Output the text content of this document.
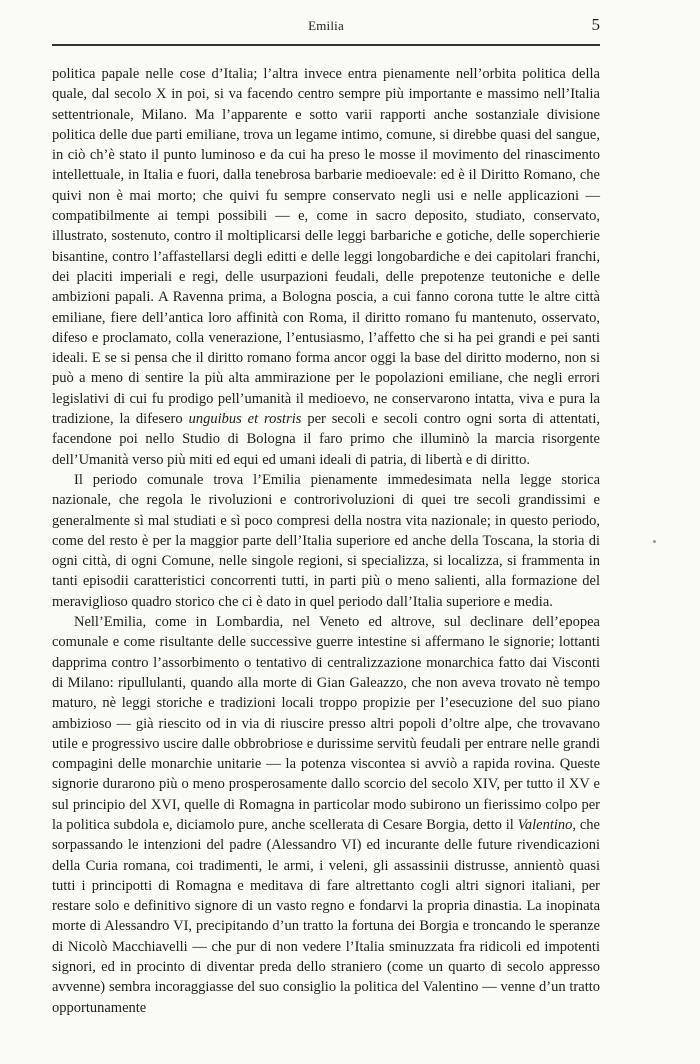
Emilia	5

politica papale nelle cose d’Italia; l’altra invece entra pienamente nell’orbita politica della quale, dal secolo X in poi, si va facendo centro sempre più importante e massimo nell’Italia settentrionale, Milano. Ma l’apparente e sotto varii rapporti anche sostanziale divisione politica delle due parti emiliane, trova un legame intimo, comune, si direbbe quasi del sangue, in ciò ch’è stato il punto luminoso e da cui ha preso le mosse il movimento del rinascimento intellettuale, in Italia e fuori, dalla tenebrosa barbarie medioevale: ed è il Diritto Romano, che quivi non è mai morto; che quivi fu sempre conservato negli usi e nelle applicazioni — compatibilmente ai tempi possibili — e, come in sacro deposito, studiato, conservato, illustrato, sostenuto, contro il moltiplicarsi delle leggi barbariche e gotiche, delle soperchierie bisantine, contro l’affastellarsi degli editti e delle leggi longobardiche e dei capitolari franchi, dei placiti imperiali e regi, delle usurpazioni feudali, delle prepotenze teutoniche e delle ambizioni papali. A Ravenna prima, a Bologna poscia, a cui fanno corona tutte le altre città emiliane, fiere dell’antica loro affinità con Roma, il diritto romano fu mantenuto, osservato, difeso e proclamato, colla venerazione, l’entusiasmo, l’affetto che si ha pei grandi e pei santi ideali. E se si pensa che il diritto romano forma ancor oggi la base del diritto moderno, non si può a meno di sentire la più alta ammirazione per le popolazioni emiliane, che negli errori legislativi di cui fu prodigo pell’umanità il medioevo, ne conservarono intatta, viva e pura la tradizione, la difesero unguibus et rostris per secoli e secoli contro ogni sorta di attentati, facendone poi nello Studio di Bologna il faro primo che illuminò la marcia risorgente dell’Umanità verso più miti ed equi ed umani ideali di patria, di libertà e di diritto.

Il periodo comunale trova l’Emilia pienamente immedesimata nella legge storica nazionale, che regola le rivoluzioni e controrivoluzioni di quei tre secoli grandissimi e generalmente sì mal studiati e sì poco compresi della nostra vita nazionale; in questo periodo, come del resto è per la maggior parte dell’Italia superiore ed anche della Toscana, la storia di ogni città, di ogni Comune, nelle singole regioni, si specializza, si localizza, si frammenta in tanti episodii caratteristici concorrenti tutti, in parti più o meno salienti, alla formazione del meraviglioso quadro storico che ci è dato in quel periodo dall’Italia superiore e media.

Nell’Emilia, come in Lombardia, nel Veneto ed altrove, sul declinare dell’epopea comunale e come risultante delle successive guerre intestine si affermano le signorie; lottanti dapprima contro l’assorbimento o tentativo di centralizzazione monarchica fatto dai Visconti di Milano: ripullulanti, quando alla morte di Gian Galeazzo, che non aveva trovato nè tempo maturo, nè leggi storiche e tradizioni locali troppo propizie per l’esecuzione del suo piano ambizioso — già riescito od in via di riuscire presso altri popoli d’oltre alpe, che trovavano utile e progressivo uscire dalle obbrobriose e durissime servitù feudali per entrare nelle grandi compagini delle monarchie unitarie — la potenza viscontea si avviò a rapida rovina. Queste signorie durarono più o meno prosperosamente dallo scorcio del secolo XIV, per tutto il XV e sul principio del XVI, quelle di Romagna in particolar modo subirono un fierissimo colpo per la politica subdola e, diciamolo pure, anche scellerata di Cesare Borgia, detto il Valentino, che sorpassando le intenzioni del padre (Alessandro VI) ed incurante delle future rivendicazioni della Curia romana, coi tradimenti, le armi, i veleni, gli assassinii distrusse, annientò quasi tutti i principotti di Romagna e meditava di fare altrettanto cogli altri signori italiani, per restare solo e definitivo signore di un vasto regno e fondarvi la propria dinastia. La inopinata morte di Alessandro VI, precipitando d’un tratto la fortuna dei Borgia e troncando le speranze di Nicolò Macchiavelli — che pur di non vedere l’Italia sminuzzata fra ridicoli ed impotenti signori, ed in procinto di diventar preda dello straniero (come un quarto di secolo appresso avvenne) sembra incoraggiasse del suo consiglio la politica del Valentino — venne d’un tratto opportunamente
